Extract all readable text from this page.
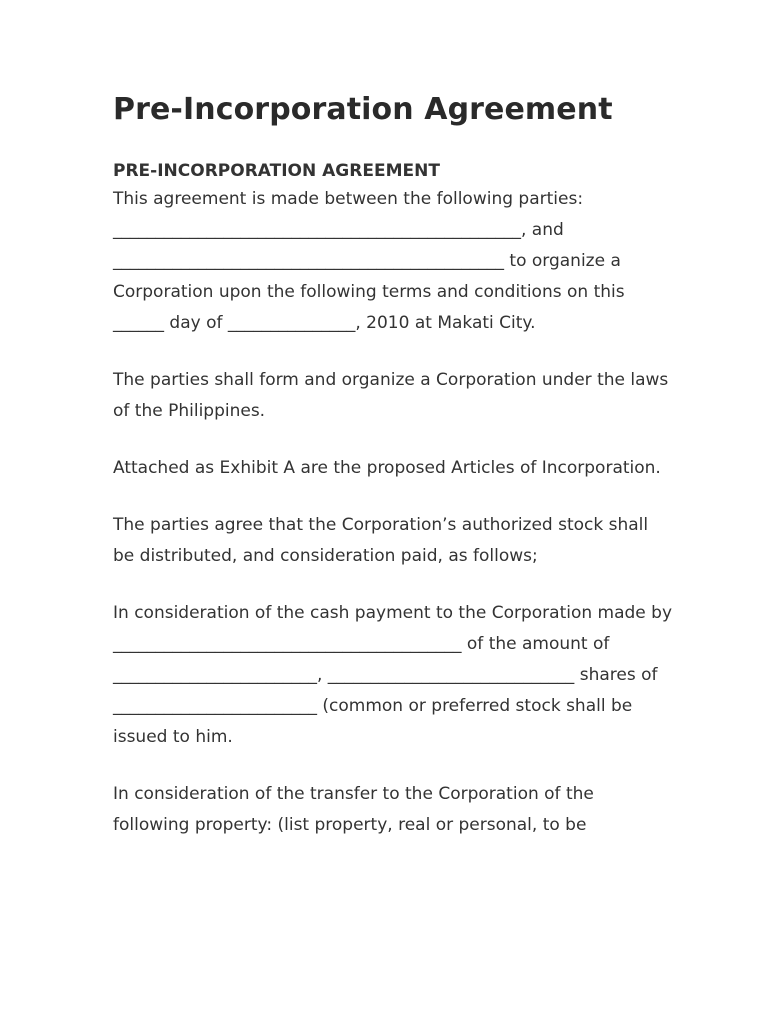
Pre-Incorporation Agreement
PRE-INCORPORATION AGREEMENT

This agreement is made between the following parties: ________________________________________________, and ______________________________________________ to organize a Corporation upon the following terms and conditions on this ______ day of _______________, 2010 at Makati City.

The parties shall form and organize a Corporation under the laws of the Philippines.

Attached as Exhibit A are the proposed Articles of Incorporation.

The parties agree that the Corporation’s authorized stock shall be distributed, and consideration paid, as follows;

In consideration of the cash payment to the Corporation made by _________________________________________ of the amount of ________________________, _____________________________ shares of ________________________ (common or preferred stock shall be issued to him.

In consideration of the transfer to the Corporation of the following property: (list property, real or personal, to be
